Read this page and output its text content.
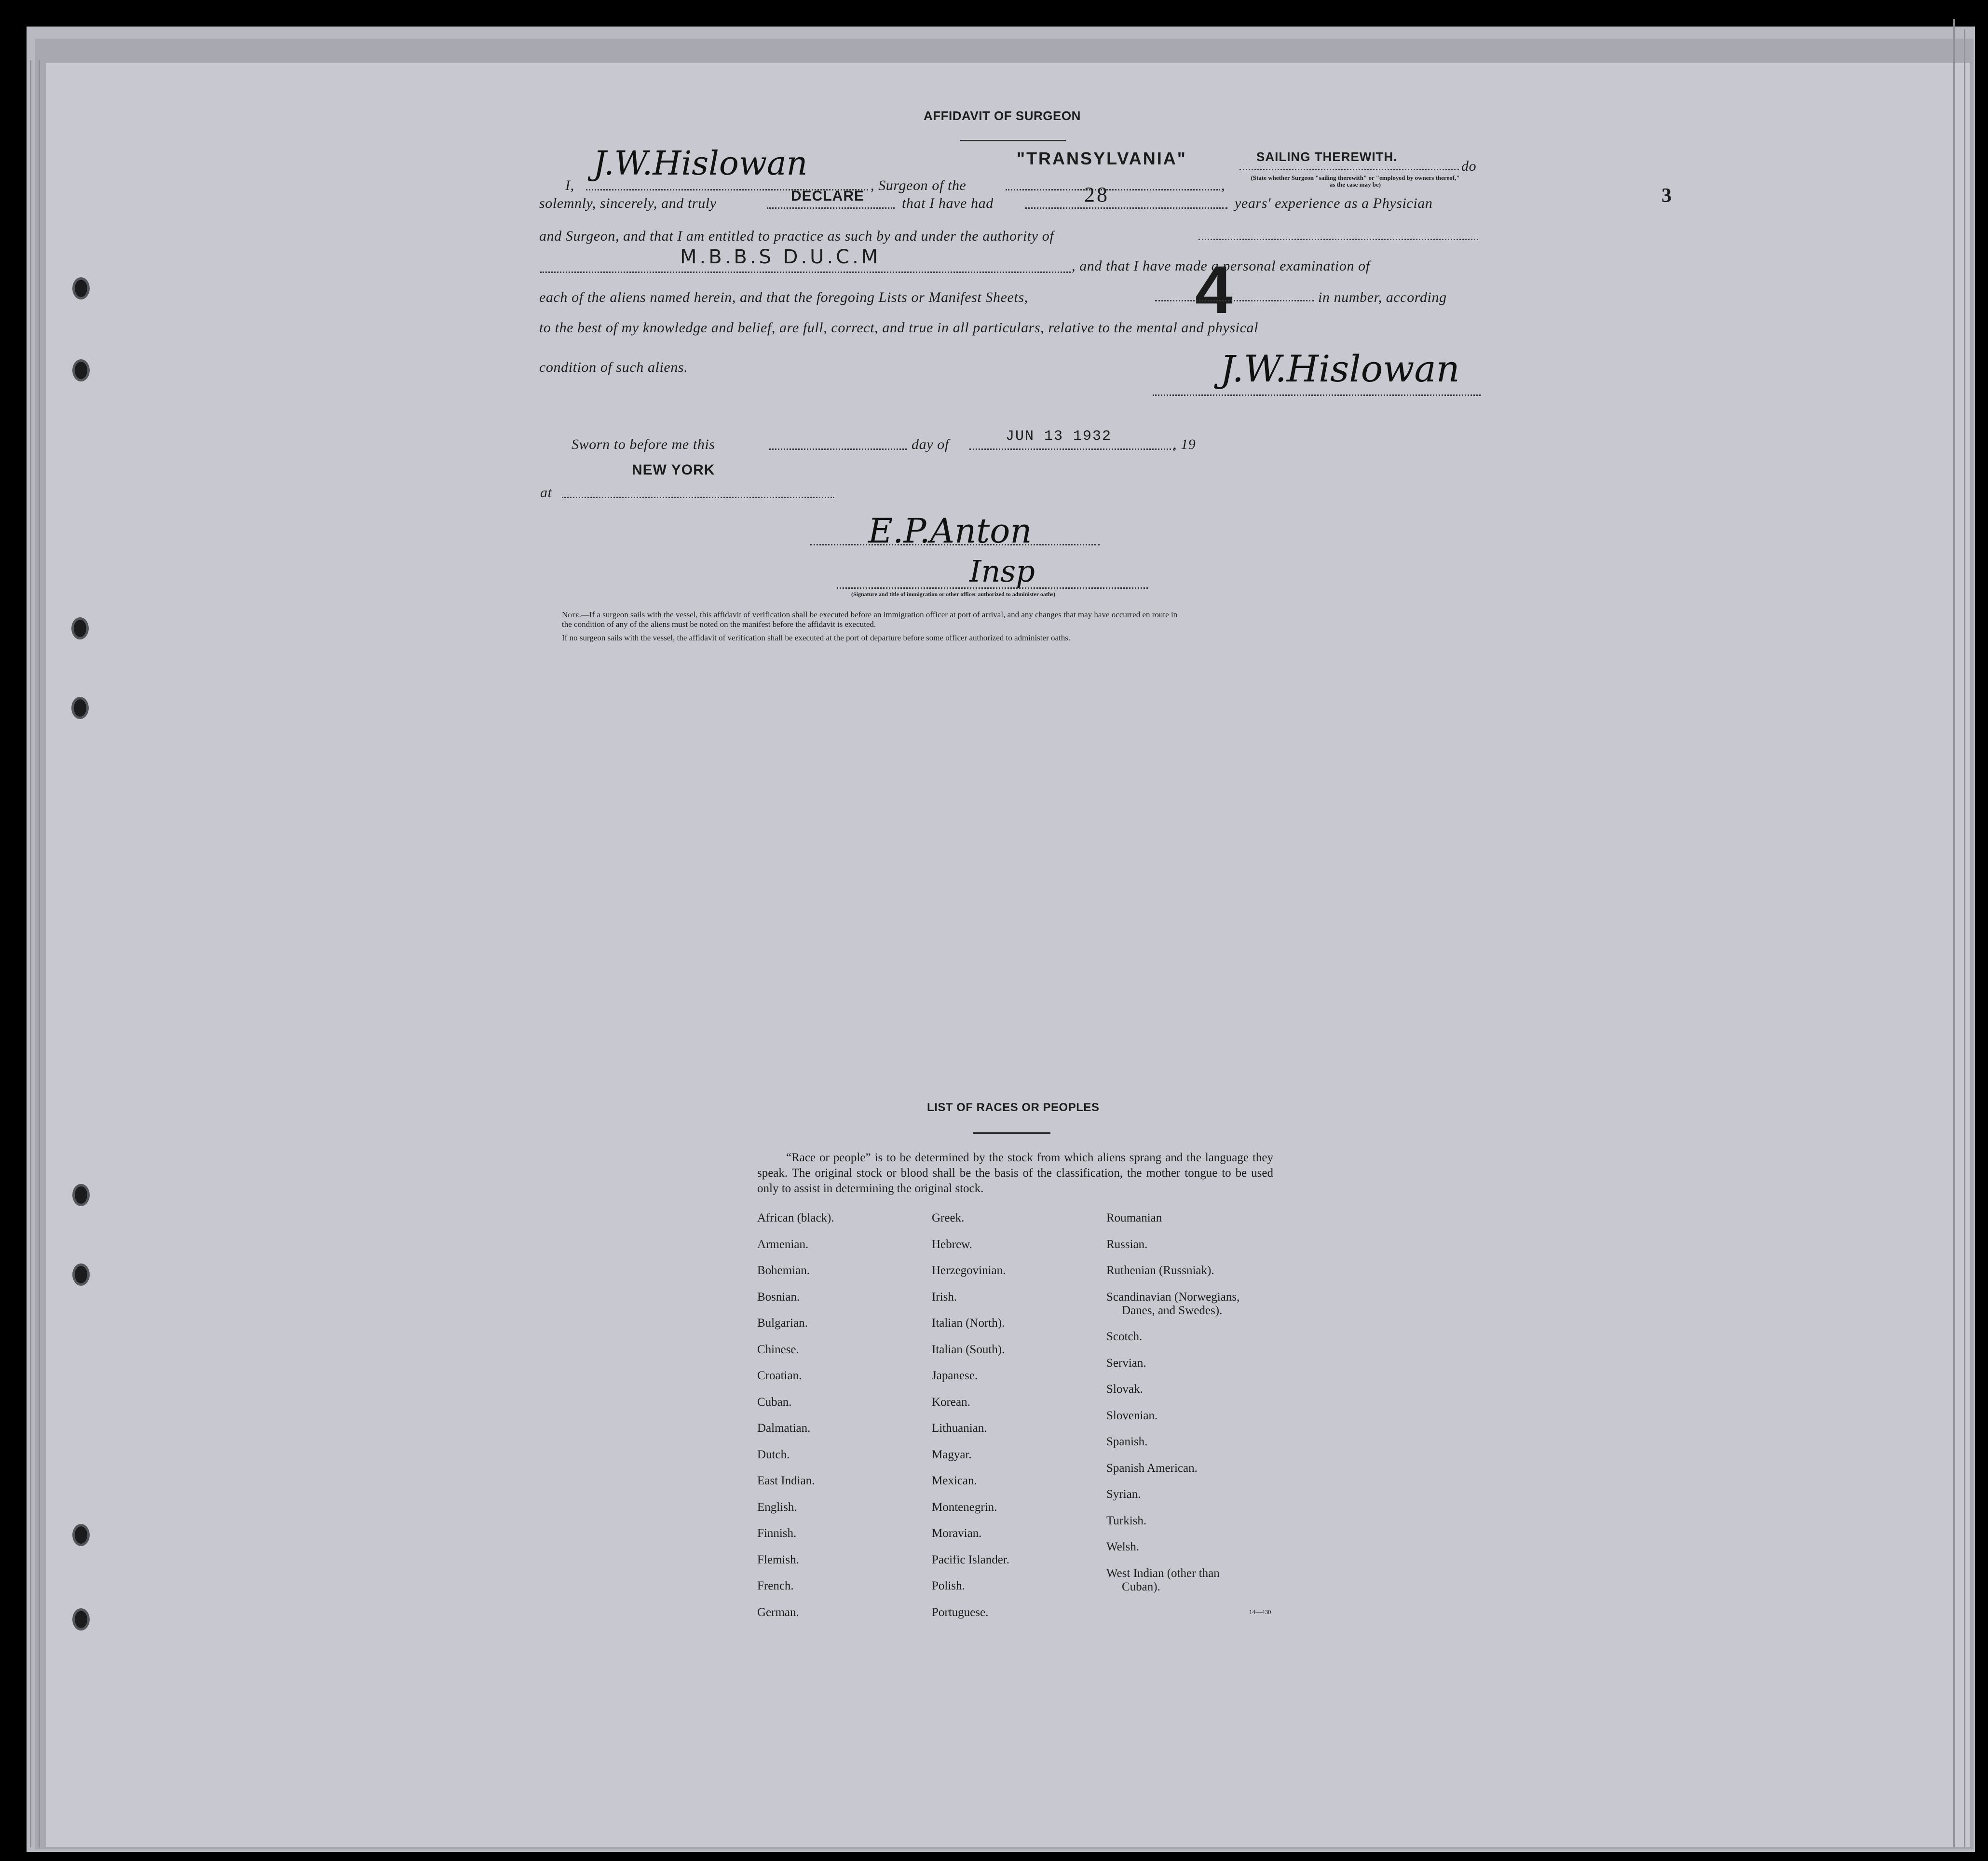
AFFIDAVIT OF SURGEON
3
I,
J.W.Hislowan
, Surgeon of the
"TRANSYLVANIA"
,
SAILING THEREWITH.
(State whether Surgeon "sailing therewith" or "employed by owners thereof," as the case may be)
do
solemnly, sincerely, and truly	DECLARE	that I have had	28	years' experience as a Physician
and Surgeon, and that I am entitled to practice as such by and under the authority of
M.B.B.S D.U.C.M	, and that I have made a personal examination of
each of the aliens named herein, and that the foregoing Lists or Manifest Sheets, 4	in number, according
to the best of my knowledge and belief, are full, correct, and true in all particulars, relative to the mental and physical
condition of such aliens.	J.W.Hislowan
Sworn to before me this	day of	JUN 13 1932	, 19
at
NEW YORK
E.P.Anton
Insp
(Signature and title of immigration or other officer authorized to administer oaths)
Note.—If a surgeon sails with the vessel, this affidavit of verification shall be executed before an immigration officer at port of arrival, and any changes that may have occurred en route in
the condition of any of the aliens must be noted on the manifest before the affidavit is executed.
If no surgeon sails with the vessel, the affidavit of verification shall be executed at the port of departure before some officer authorized to administer oaths.
LIST OF RACES OR PEOPLES
“Race or people” is to be determined by the stock from which aliens sprang and the language they speak. The original stock or blood shall be the basis of the classification, the mother tongue to be used only to assist in determining the original stock.
African (black).
Armenian.
Bohemian.
Bosnian.
Bulgarian.
Chinese.
Croatian.
Cuban.
Dalmatian.
Dutch.
East Indian.
English.
Finnish.
Flemish.
French.
German.
Greek.
Hebrew.
Herzegovinian.
Irish.
Italian (North).
Italian (South).
Japanese.
Korean.
Lithuanian.
Magyar.
Mexican.
Montenegrin.
Moravian.
Pacific Islander.
Polish.
Portuguese.
Roumanian
Russian.
Ruthenian (Russniak).
Scandinavian (Norwegians,
Danes, and Swedes).
Scotch.
Servian.
Slovak.
Slovenian.
Spanish.
Spanish American.
Syrian.
Turkish.
Welsh.
West Indian (other than
Cuban).
14—430
